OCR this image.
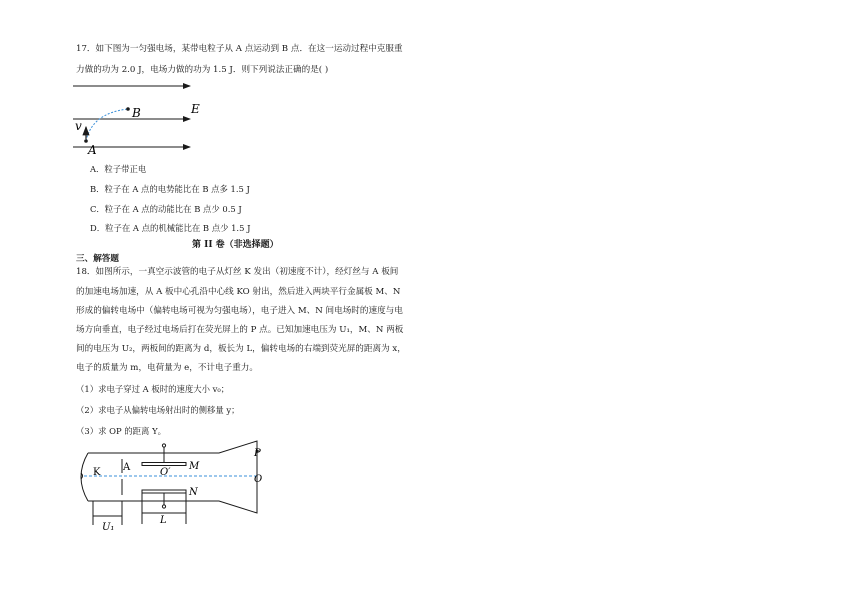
17．如下图为一匀强电场，某带电粒子从 A 点运动到 B 点．在这一运动过程中克服重
力做的功为 2.0 J，电场力做的功为 1.5 J．则下列说法正确的是( )
B	E
v
A
A．粒子带正电
B．粒子在 A 点的电势能比在 B 点多 1.5 J
C．粒子在 A 点的动能比在 B 点少 0.5 J
D．粒子在 A 点的机械能比在 B 点少 1.5 J
第 II 卷（非选择题）
三、解答题
18．如图所示，一真空示波管的电子从灯丝 K 发出（初速度不计），经灯丝与 A 板间
的加速电场加速，从 A 板中心孔沿中心线 KO 射出，然后进入两块平行金属板 M、N
形成的偏转电场中（偏转电场可视为匀强电场），电子进入 M、N 间电场时的速度与电
场方向垂直，电子经过电场后打在荧光屏上的 P 点。已知加速电压为 U₁，M、N 两板
间的电压为 U₂，两板间的距离为 d，板长为 L，偏转电场的右端到荧光屏的距离为 x，
电子的质量为 m，电荷量为 e，不计电子重力。
（1）求电子穿过 A 板时的速度大小 v₀；
（2）求电子从偏转电场射出时的侧移量 y；
（3）求 OP 的距离 Y。
K A	O′
M
N
P
O
U₁
L
